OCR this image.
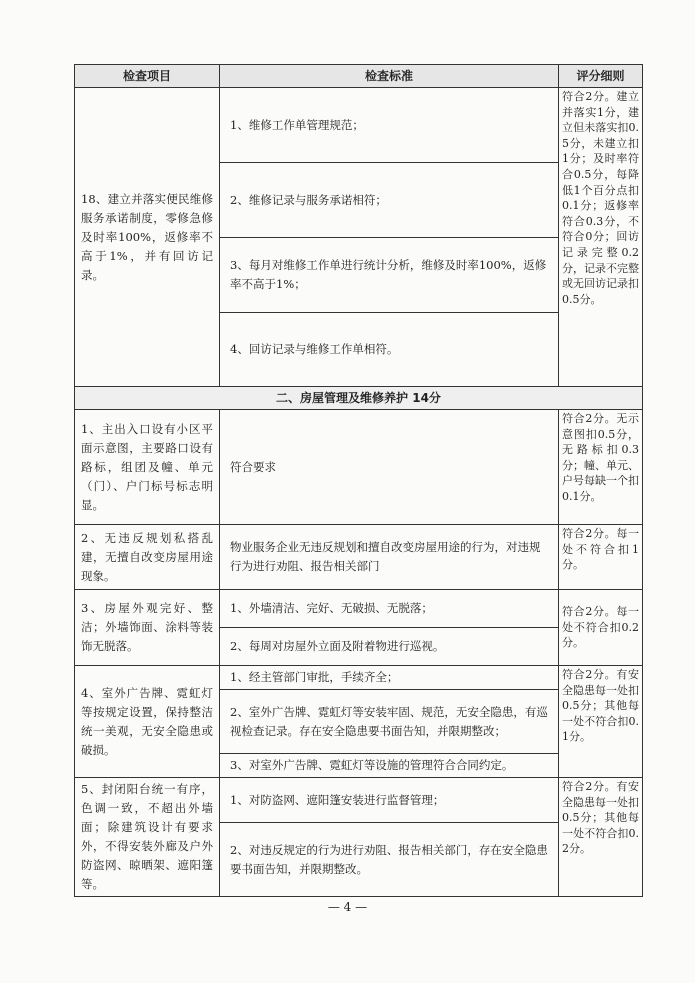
检查项目	检查标准	评分细则
18、建立并落实便民维修服务承诺制度，零修急修及时率100%，返修率不高于1%，并有回访记录。	1、维修工作单管理规范；	符合2分。建立并落实1分，建立但未落实扣0.5分，未建立扣1分；及时率符合0.5分，每降低1个百分点扣0.1分；返修率符合0.3分，不符合0分；回访记录完整0.2分，记录不完整或无回访记录扣0.5分。
	2、维修记录与服务承诺相符；	
	3、每月对维修工作单进行统计分析，维修及时率100%，返修率不高于1%；	
	4、回访记录与维修工作单相符。	
二、房屋管理及维修养护 14分		
1、主出入口设有小区平面示意图，主要路口设有路标，组团及幢、单元（门）、户门标号标志明显。	符合要求	符合2分。无示意图扣0.5分，无路标扣0.3分；幢、单元、户号每缺一个扣0.1分。
2、无违反规划私搭乱建，无擅自改变房屋用途现象。	物业服务企业无违反规划和擅自改变房屋用途的行为，对违规行为进行劝阻、报告相关部门	符合2分。每一处不符合扣1分。
3、房屋外观完好、整洁；外墙饰面、涂料等装饰无脱落。	1、外墙清洁、完好、无破损、无脱落；	符合2分。每一处不符合扣0.2分。
	2、每周对房屋外立面及附着物进行巡视。	
4、室外广告牌、霓虹灯等按规定设置，保持整洁统一美观，无安全隐患或破损。	1、经主管部门审批，手续齐全；	符合2分。有安全隐患每一处扣0.5分；其他每一处不符合扣0.1分。
	2、室外广告牌、霓虹灯等安装牢固、规范，无安全隐患，有巡视检查记录。存在安全隐患要书面告知，并限期整改；	
	3、对室外广告牌、霓虹灯等设施的管理符合合同约定。	
5、封闭阳台统一有序，色调一致，不超出外墙面；除建筑设计有要求外，不得安装外廊及户外防盗网、晾晒架、遮阳篷等。	1、对防盗网、遮阳篷安装进行监督管理；	符合2分。有安全隐患每一处扣0.5分；其他每一处不符合扣0.2分。
	2、对违反规定的行为进行劝阻、报告相关部门，存在安全隐患要书面告知，并限期整改。	
— 4 —
